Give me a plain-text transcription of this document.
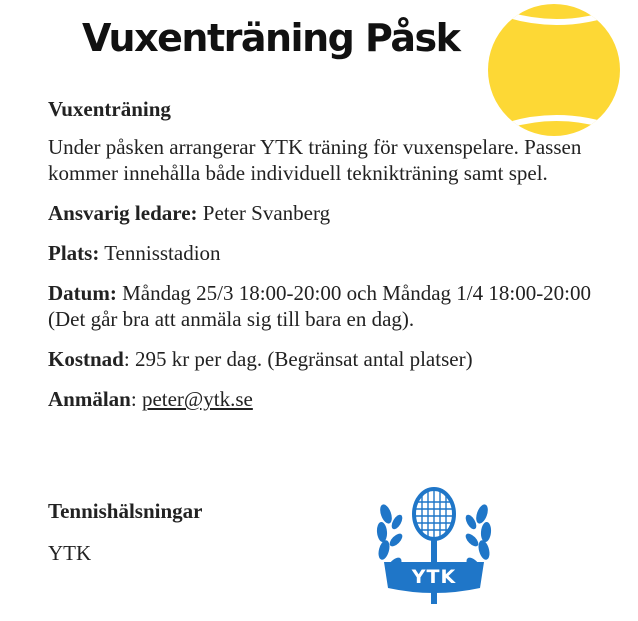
Vuxenträning Påsk

Vuxenträning

Under påsken arrangerar YTK träning för vuxenspelare. Passen kommer innehålla både individuell teknikträning samt spel.

Ansvarig ledare: Peter Svanberg

Plats: Tennisstadion

Datum: Måndag 25/3 18:00-20:00 och Måndag 1/4 18:00-20:00 (Det går bra att anmäla sig till bara en dag).

Kostnad: 295 kr per dag. (Begränsat antal platser)

Anmälan: peter@ytk.se

Tennishälsningar

YTK

YTK
